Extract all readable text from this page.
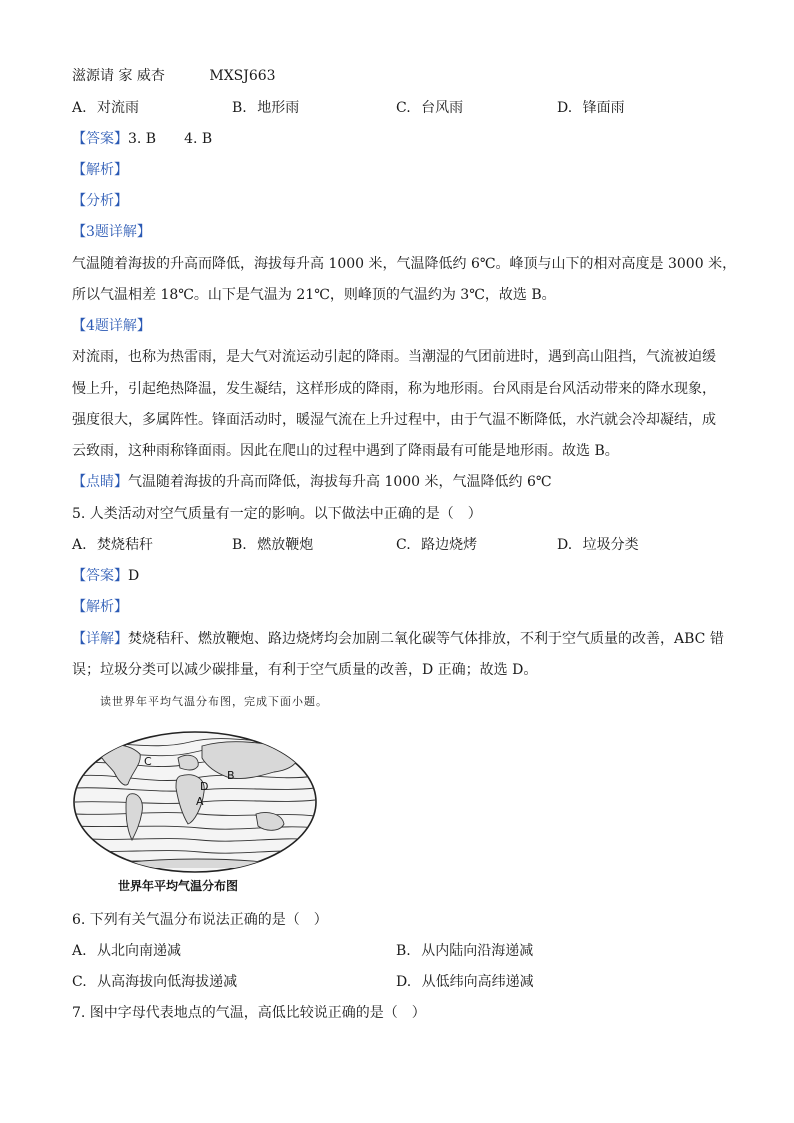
滋源请 家 威杏	MXSJ663
A. 对流雨	B. 地形雨	C. 台风雨	D. 锋面雨
【答案】3. B　　4. B
【解析】
【分析】
【3题详解】
气温随着海拔的升高而降低，海拔每升高 1000 米，气温降低约 6℃。峰顶与山下的相对高度是 3000 米，
所以气温相差 18℃。山下是气温为 21℃，则峰顶的气温约为 3℃，故选 B。
【4题详解】
对流雨，也称为热雷雨，是大气对流运动引起的降雨。当潮湿的气团前进时，遇到高山阻挡，气流被迫缓
慢上升，引起绝热降温，发生凝结，这样形成的降雨，称为地形雨。台风雨是台风活动带来的降水现象，
强度很大，多属阵性。锋面活动时，暖湿气流在上升过程中，由于气温不断降低，水汽就会冷却凝结，成
云致雨，这种雨称锋面雨。因此在爬山的过程中遇到了降雨最有可能是地形雨。故选 B。
【点睛】气温随着海拔的升高而降低，海拔每升高 1000 米，气温降低约 6℃
5. 人类活动对空气质量有一定的影响。以下做法中正确的是（　）
A. 焚烧秸秆	B. 燃放鞭炮	C. 路边烧烤	D. 垃圾分类
【答案】D
【解析】
【详解】焚烧秸秆、燃放鞭炮、路边烧烤均会加剧二氧化碳等气体排放，不利于空气质量的改善，ABC 错
误；垃圾分类可以减少碳排量，有利于空气质量的改善，D 正确；故选 D。
读世界年平均气温分布图，完成下面小题。
C
B
D
A
世界年平均气温分布图
6. 下列有关气温分布说法正确的是（　）
A. 从北向南递减	B. 从内陆向沿海递减
C. 从高海拔向低海拔递减	D. 从低纬向高纬递减
7. 图中字母代表地点的气温，高低比较说正确的是（　）
